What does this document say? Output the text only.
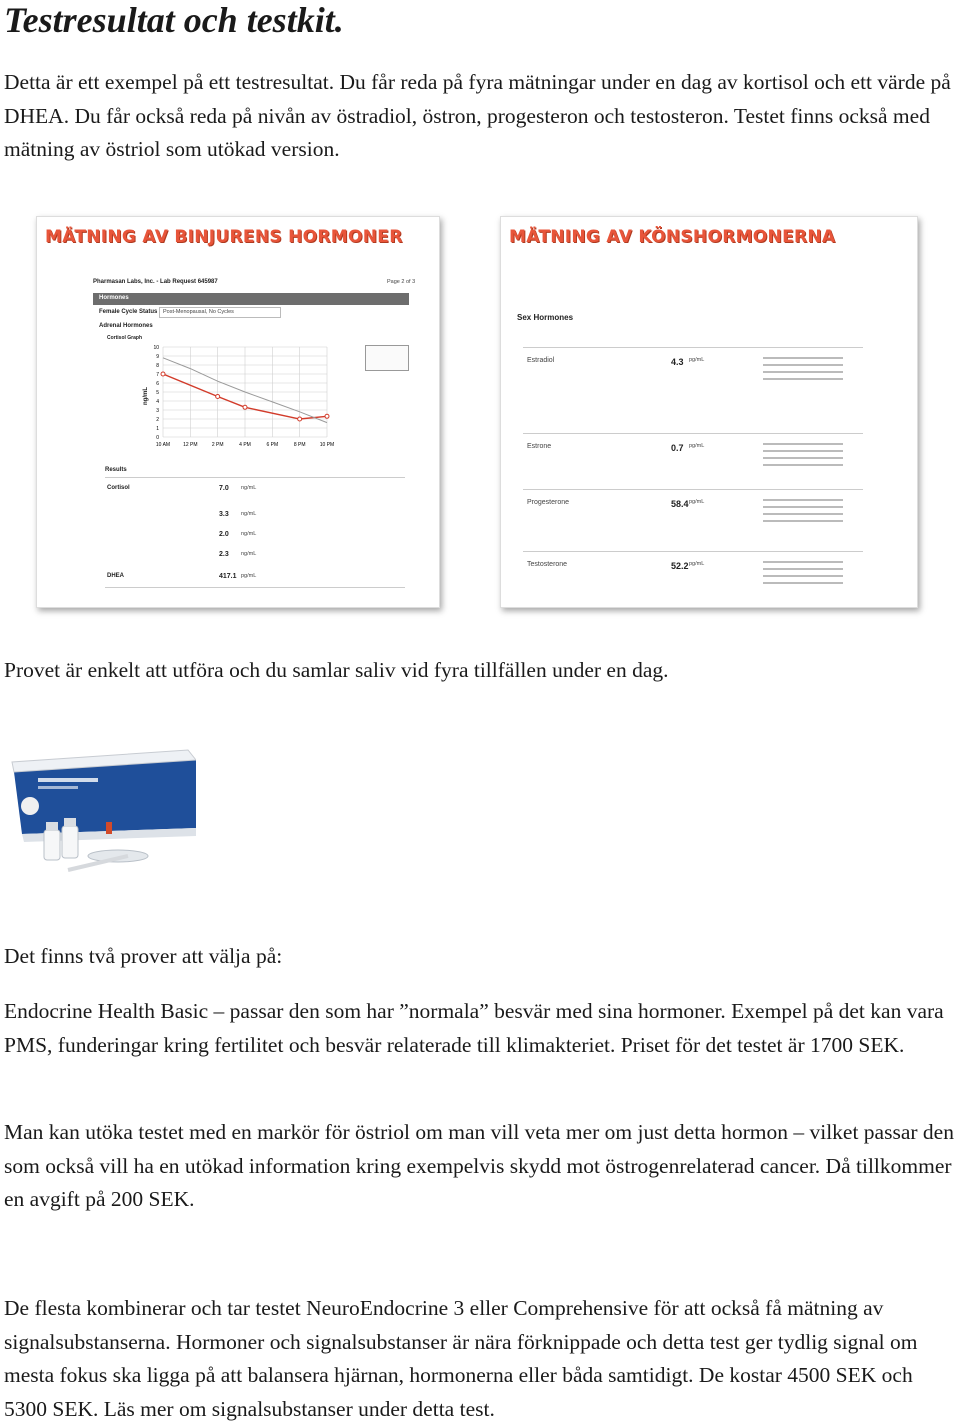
Testresultat och testkit.

Detta är ett exempel på ett testresultat. Du får reda på fyra mätningar under en dag av kortisol och ett värde på DHEA. Du får också reda på nivån av östradiol, östron, progesteron och testosteron. Testet finns också med mätning av östriol som utökad version.

MÄTNING AV BINJURENS HORMONER
Pharmasan Labs, Inc. - Lab Request 645987	Page 2 of 3
Hormones
Female Cycle Status Post-Menopausal, No Cycles
Adrenal Hormones
Cortisol Graph
ng/mL
0
1
2
3
4
5
6
7
8
9
10
10 AM	12 PM	2 PM	4 PM	6 PM	8 PM	10 PM
Results
Cortisol	7.0 ng/mL
3.3 ng/mL
2.0 ng/mL
2.3 ng/mL
DHEA	417.1 pg/mL
MÄTNING AV KÖNSHORMONERNA
Sex Hormones
Estradiol	4.3 pg/mL
Estrone	0.7 pg/mL
Progesterone	58.4 pg/mL
Testosterone	52.2 pg/mL

Provet är enkelt att utföra och du samlar saliv vid fyra tillfällen under en dag.

Det finns två prover att välja på:

Endocrine Health Basic – passar den som har ”normala” besvär med sina hormoner. Exempel på det kan vara PMS, funderingar kring fertilitet och besvär relaterade till klimakteriet. Priset för det testet är 1700 SEK.

Man kan utöka testet med en markör för östriol om man vill veta mer om just detta hormon – vilket passar den som också vill ha en utökad information kring exempelvis skydd mot östrogenrelaterad cancer. Då tillkommer en avgift på 200 SEK.

De flesta kombinerar och tar testet NeuroEndocrine 3 eller Comprehensive för att också få mätning av signalsubstanserna. Hormoner och signalsubstanser är nära förknippade och detta test ger tydlig signal om mesta fokus ska ligga på att balansera hjärnan, hormonerna eller båda samtidigt. De kostar 4500 SEK och 5300 SEK. Läs mer om signalsubstanser under detta test.
